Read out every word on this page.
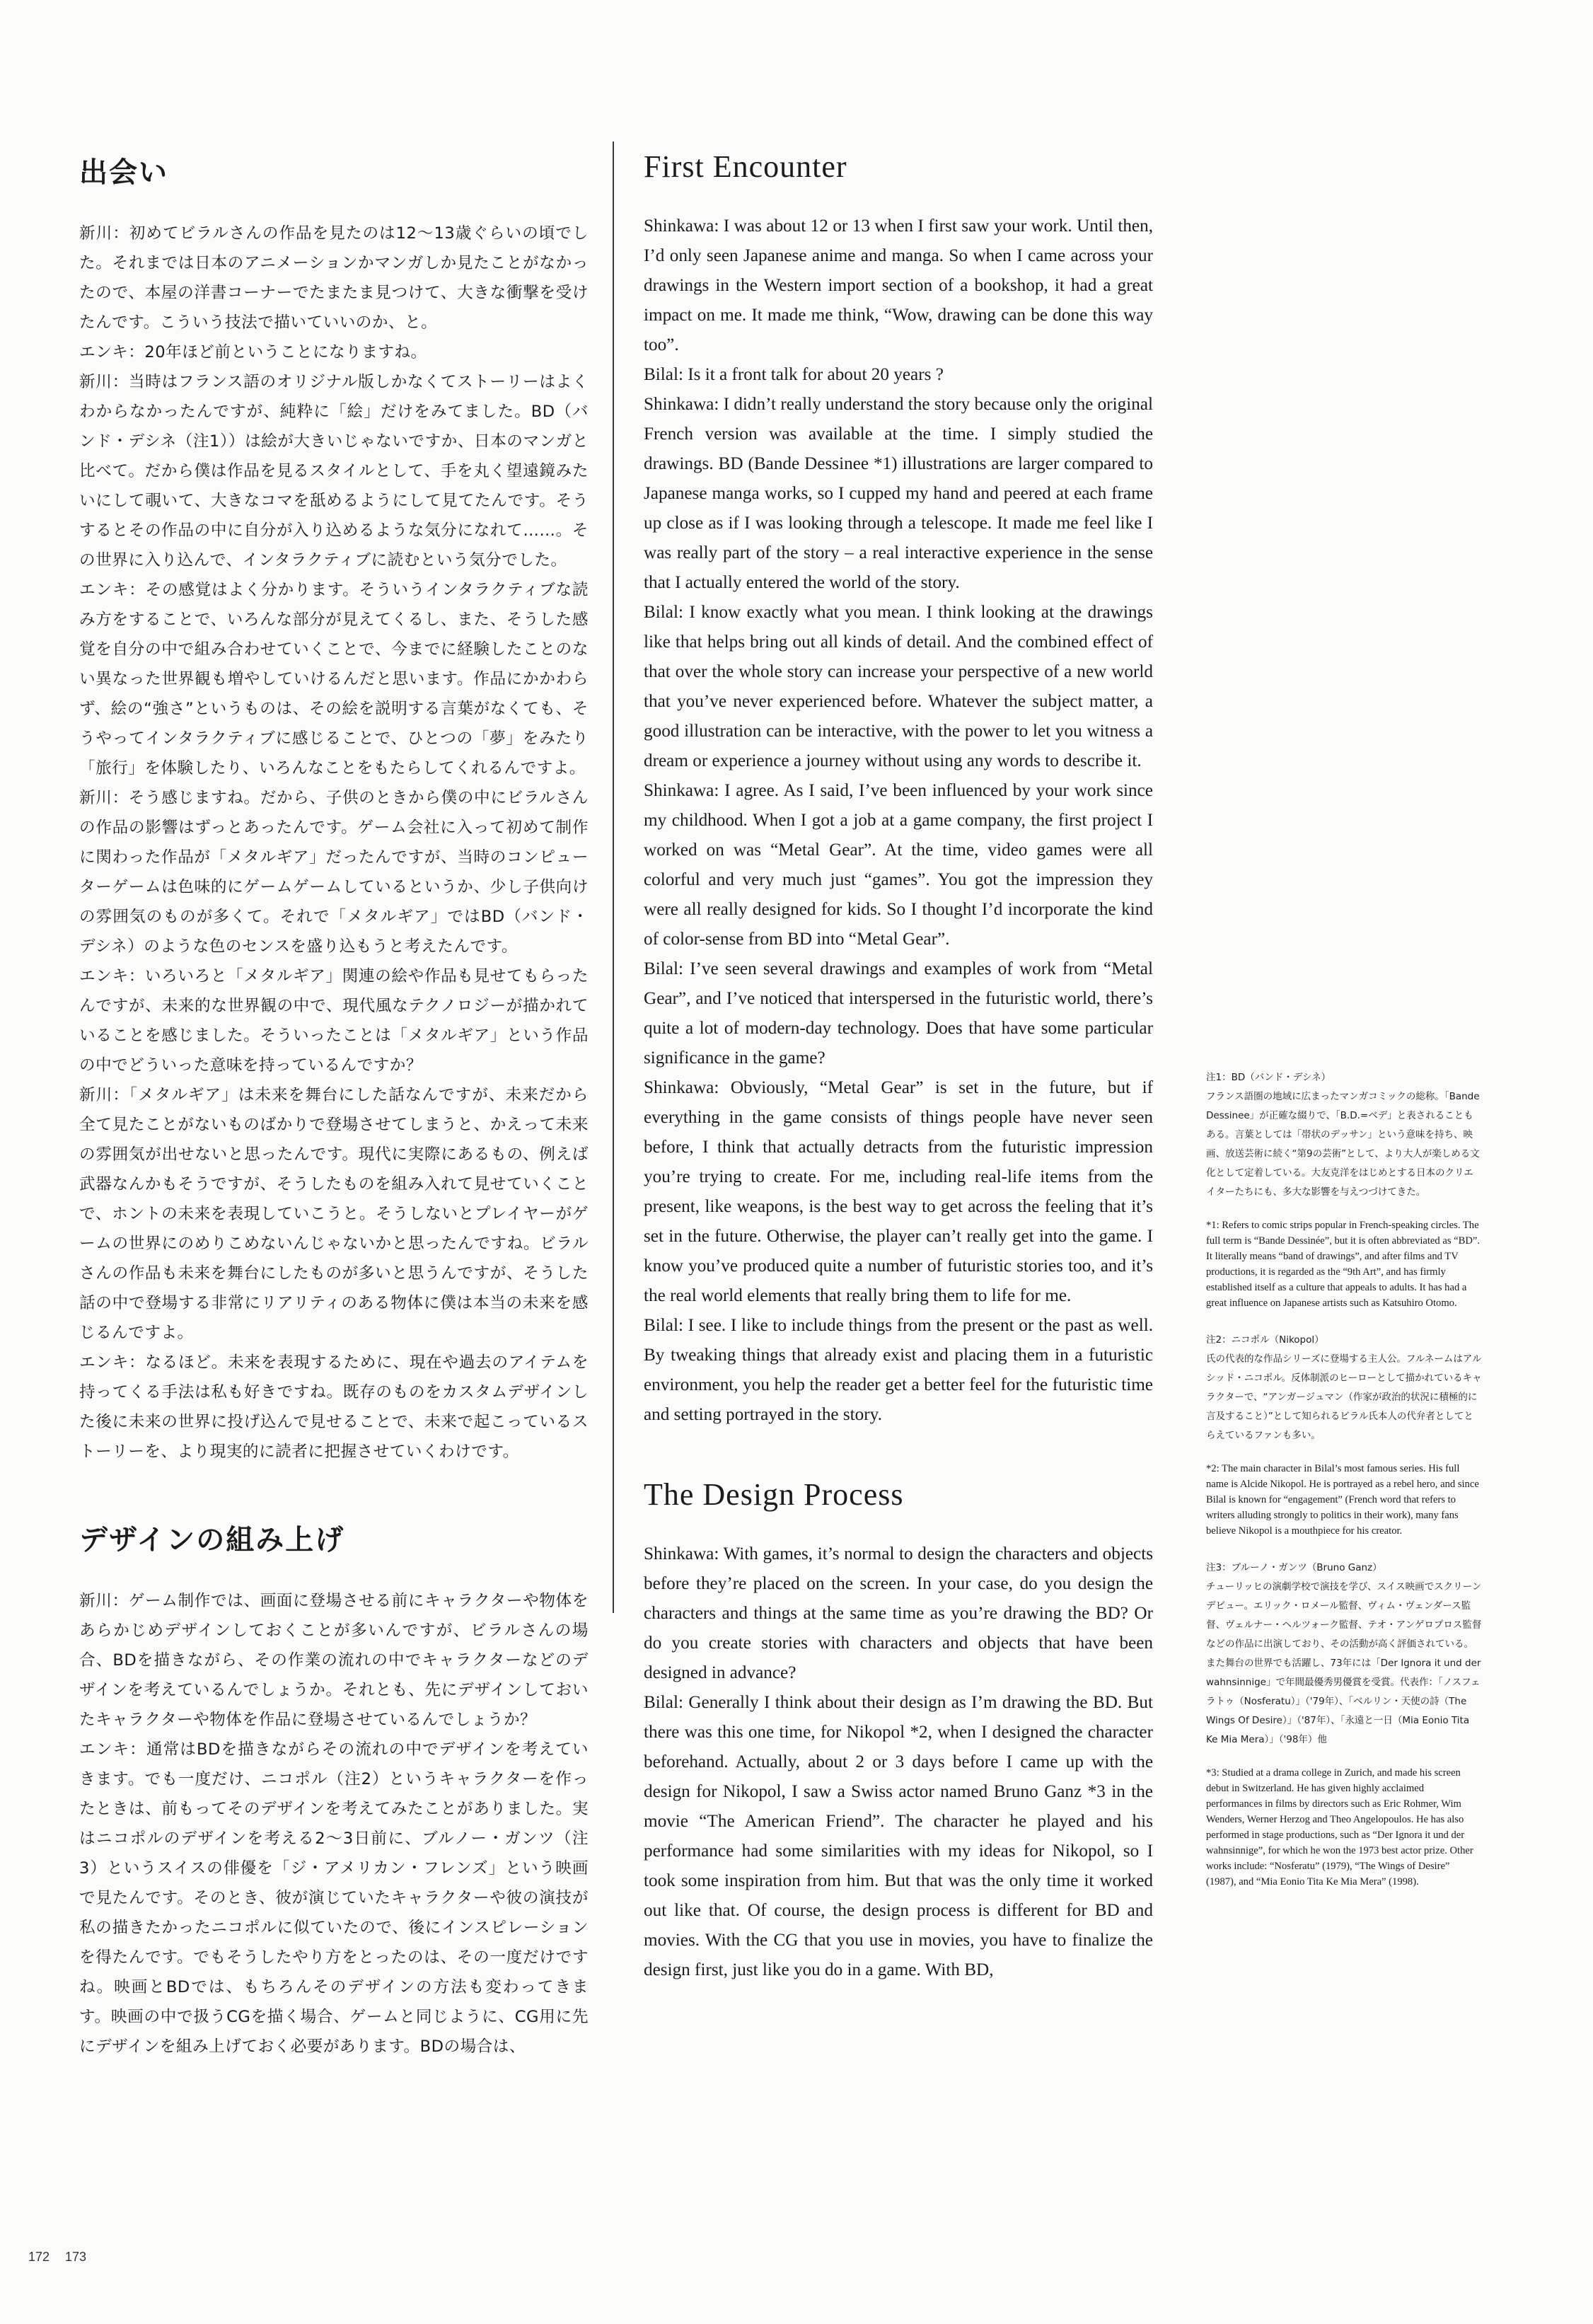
出会い

新川：初めてビラルさんの作品を見たのは12〜13歳ぐらいの頃でした。それまでは日本のアニメーションかマンガしか見たことがなかったので、本屋の洋書コーナーでたまたま見つけて、大きな衝撃を受けたんです。こういう技法で描いていいのか、と。

エンキ：20年ほど前ということになりますね。

新川：当時はフランス語のオリジナル版しかなくてストーリーはよくわからなかったんですが、純粋に「絵」だけをみてました。BD（バンド・デシネ（注1））は絵が大きいじゃないですか、日本のマンガと比べて。だから僕は作品を見るスタイルとして、手を丸く望遠鏡みたいにして覗いて、大きなコマを舐めるようにして見てたんです。そうするとその作品の中に自分が入り込めるような気分になれて……。その世界に入り込んで、インタラクティブに読むという気分でした。

エンキ：その感覚はよく分かります。そういうインタラクティブな読み方をすることで、いろんな部分が見えてくるし、また、そうした感覚を自分の中で組み合わせていくことで、今までに経験したことのない異なった世界観も増やしていけるんだと思います。作品にかかわらず、絵の“強さ”というものは、その絵を説明する言葉がなくても、そうやってインタラクティブに感じることで、ひとつの「夢」をみたり「旅行」を体験したり、いろんなことをもたらしてくれるんですよ。

新川：そう感じますね。だから、子供のときから僕の中にビラルさんの作品の影響はずっとあったんです。ゲーム会社に入って初めて制作に関わった作品が「メタルギア」だったんですが、当時のコンピューターゲームは色味的にゲームゲームしているというか、少し子供向けの雰囲気のものが多くて。それで「メタルギア」ではBD（バンド・デシネ）のような色のセンスを盛り込もうと考えたんです。

エンキ：いろいろと「メタルギア」関連の絵や作品も見せてもらったんですが、未来的な世界観の中で、現代風なテクノロジーが描かれていることを感じました。そういったことは「メタルギア」という作品の中でどういった意味を持っているんですか？

新川：「メタルギア」は未来を舞台にした話なんですが、未来だから全て見たことがないものばかりで登場させてしまうと、かえって未来の雰囲気が出せないと思ったんです。現代に実際にあるもの、例えば武器なんかもそうですが、そうしたものを組み入れて見せていくことで、ホントの未来を表現していこうと。そうしないとプレイヤーがゲームの世界にのめりこめないんじゃないかと思ったんですね。ビラルさんの作品も未来を舞台にしたものが多いと思うんですが、そうした話の中で登場する非常にリアリティのある物体に僕は本当の未来を感じるんですよ。

エンキ：なるほど。未来を表現するために、現在や過去のアイテムを持ってくる手法は私も好きですね。既存のものをカスタムデザインした後に未来の世界に投げ込んで見せることで、未来で起こっているストーリーを、より現実的に読者に把握させていくわけです。

デザインの組み上げ

新川：ゲーム制作では、画面に登場させる前にキャラクターや物体をあらかじめデザインしておくことが多いんですが、ビラルさんの場合、BDを描きながら、その作業の流れの中でキャラクターなどのデザインを考えているんでしょうか。それとも、先にデザインしておいたキャラクターや物体を作品に登場させているんでしょうか？

エンキ：通常はBDを描きながらその流れの中でデザインを考えていきます。でも一度だけ、ニコポル（注2）というキャラクターを作ったときは、前もってそのデザインを考えてみたことがありました。実はニコポルのデザインを考える2〜3日前に、ブルノー・ガンツ（注3）というスイスの俳優を「ジ・アメリカン・フレンズ」という映画で見たんです。そのとき、彼が演じていたキャラクターや彼の演技が私の描きたかったニコポルに似ていたので、後にインスピレーションを得たんです。でもそうしたやり方をとったのは、その一度だけですね。映画とBDでは、もちろんそのデザインの方法も変わってきます。映画の中で扱うCGを描く場合、ゲームと同じように、CG用に先にデザインを組み上げておく必要があります。BDの場合は、

First Encounter

Shinkawa: I was about 12 or 13 when I first saw your work. Until then, I’d only seen Japanese anime and manga. So when I came across your drawings in the Western import section of a bookshop, it had a great impact on me. It made me think, “Wow, drawing can be done this way too”.

Bilal: Is it a front talk for about 20 years ?

Shinkawa: I didn’t really understand the story because only the original French version was available at the time. I simply studied the drawings. BD (Bande Dessinee *1) illustrations are larger compared to Japanese manga works, so I cupped my hand and peered at each frame up close as if I was looking through a telescope. It made me feel like I was really part of the story – a real interactive experience in the sense that I actually entered the world of the story.

Bilal: I know exactly what you mean. I think looking at the drawings like that helps bring out all kinds of detail. And the combined effect of that over the whole story can increase your perspective of a new world that you’ve never experienced before. Whatever the subject matter, a good illustration can be interactive, with the power to let you witness a dream or experience a journey without using any words to describe it.

Shinkawa: I agree. As I said, I’ve been influenced by your work since my childhood. When I got a job at a game company, the first project I worked on was “Metal Gear”. At the time, video games were all colorful and very much just “games”. You got the impression they were all really designed for kids. So I thought I’d incorporate the kind of color-sense from BD into “Metal Gear”.

Bilal: I’ve seen several drawings and examples of work from “Metal Gear”, and I’ve noticed that interspersed in the futuristic world, there’s quite a lot of modern-day technology. Does that have some particular significance in the game?

Shinkawa: Obviously, “Metal Gear” is set in the future, but if everything in the game consists of things people have never seen before, I think that actually detracts from the futuristic impression you’re trying to create. For me, including real-life items from the present, like weapons, is the best way to get across the feeling that it’s set in the future. Otherwise, the player can’t really get into the game. I know you’ve produced quite a number of futuristic stories too, and it’s the real world elements that really bring them to life for me.

Bilal: I see. I like to include things from the present or the past as well. By tweaking things that already exist and placing them in a futuristic environment, you help the reader get a better feel for the futuristic time and setting portrayed in the story.

The Design Process

Shinkawa: With games, it’s normal to design the characters and objects before they’re placed on the screen. In your case, do you design the characters and things at the same time as you’re drawing the BD? Or do you create stories with characters and objects that have been designed in advance?

Bilal: Generally I think about their design as I’m drawing the BD. But there was this one time, for Nikopol *2, when I designed the character beforehand. Actually, about 2 or 3 days before I came up with the design for Nikopol, I saw a Swiss actor named Bruno Ganz *3 in the movie “The American Friend”. The character he played and his performance had some similarities with my ideas for Nikopol, so I took some inspiration from him. But that was the only time it worked out like that. Of course, the design process is different for BD and movies. With the CG that you use in movies, you have to finalize the design first, just like you do in a game. With BD,

注1：BD（バンド・デシネ）
フランス語圏の地域に広まったマンガコミックの総称。「Bande Dessinee」が正確な綴りで、「B.D.=ベデ」と表されることもある。言葉としては「帯状のデッサン」という意味を持ち、映画、放送芸術に続く“第9の芸術”として、より大人が楽しめる文化として定着している。大友克洋をはじめとする日本のクリエイターたちにも、多大な影響を与えつづけてきた。

*1: Refers to comic strips popular in French-speaking circles. The full term is “Bande Dessinée”, but it is often abbreviated as “BD”. It literally means “band of drawings”, and after films and TV productions, it is regarded as the “9th Art”, and has firmly established itself as a culture that appeals to adults. It has had a great influence on Japanese artists such as Katsuhiro Otomo.

注2：ニコポル（Nikopol）
氏の代表的な作品シリーズに登場する主人公。フルネームはアルシッド・ニコポル。反体制派のヒーローとして描かれているキャラクターで、“アンガージュマン（作家が政治的状況に積極的に言及すること）”として知られるビラル氏本人の代弁者としてとらえているファンも多い。

*2: The main character in Bilal’s most famous series. His full name is Alcide Nikopol. He is portrayed as a rebel hero, and since Bilal is known for “engagement” (French word that refers to writers alluding strongly to politics in their work), many fans believe Nikopol is a mouthpiece for his creator.

注3：ブルーノ・ガンツ（Bruno Ganz）
チューリッヒの演劇学校で演技を学び、スイス映画でスクリーンデビュー。エリック・ロメール監督、ヴィム・ヴェンダース監督、ヴェルナー・ヘルツォーク監督、テオ・アンゲロプロス監督などの作品に出演しており、その活動が高く評価されている。また舞台の世界でも活躍し、73年には「Der Ignora it und der wahnsinnige」で年間最優秀男優賞を受賞。代表作：「ノスフェラトゥ（Nosferatu）」（'79年）、「ベルリン・天使の詩（The Wings Of Desire）」（'87年）、「永遠と一日（Mia Eonio Tita Ke Mia Mera）」（'98年）他

*3: Studied at a drama college in Zurich, and made his screen debut in Switzerland. He has given highly acclaimed performances in films by directors such as Eric Rohmer, Wim Wenders, Werner Herzog and Theo Angelopoulos. He has also performed in stage productions, such as “Der Ignora it und der wahnsinnige”, for which he won the 1973 best actor prize. Other works include: “Nosferatu” (1979), “The Wings of Desire” (1987), and “Mia Eonio Tita Ke Mia Mera” (1998).

172 173
